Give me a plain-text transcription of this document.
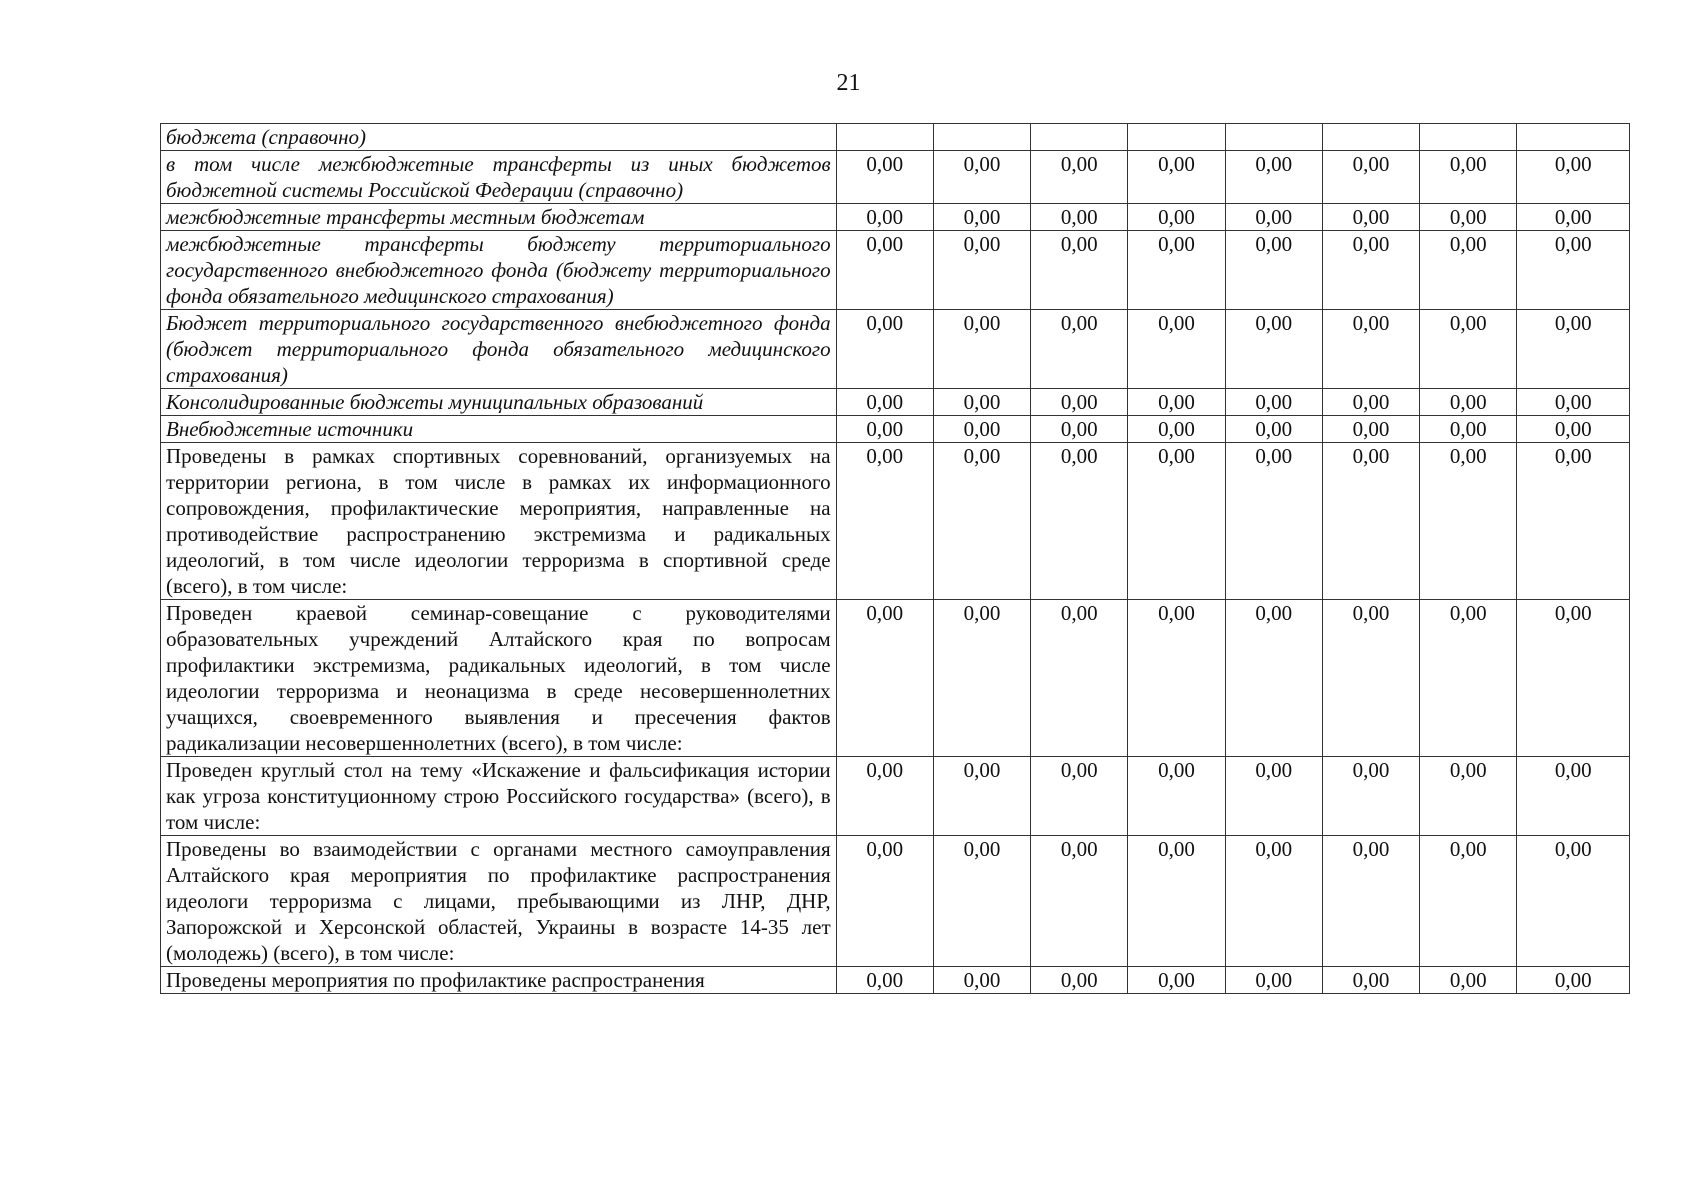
21
бюджета (справочно)								
в том числе межбюджетные трансферты из иных бюджетов бюджетной системы Российской Федерации (справочно)	0,00	0,00	0,00	0,00	0,00	0,00	0,00	0,00
межбюджетные трансферты местным бюджетам	0,00	0,00	0,00	0,00	0,00	0,00	0,00	0,00
межбюджетные трансферты бюджету территориального государственного внебюджетного фонда (бюджету территориального фонда обязательного медицинского страхования)	0,00	0,00	0,00	0,00	0,00	0,00	0,00	0,00
Бюджет территориального государственного внебюджетного фонда (бюджет территориального фонда обязательного медицинского страхования)	0,00	0,00	0,00	0,00	0,00	0,00	0,00	0,00
Консолидированные бюджеты муниципальных образований	0,00	0,00	0,00	0,00	0,00	0,00	0,00	0,00
Внебюджетные источники	0,00	0,00	0,00	0,00	0,00	0,00	0,00	0,00
Проведены в рамках спортивных соревнований, организуемых на территории региона, в том числе в рамках их информационного сопровождения, профилактические мероприятия, направленные на противодействие распространению экстремизма и радикальных идеологий, в том числе идеологии терроризма в спортивной среде (всего), в том числе:	0,00	0,00	0,00	0,00	0,00	0,00	0,00	0,00
Проведен краевой семинар-совещание с руководителями образовательных учреждений Алтайского края по вопросам профилактики экстремизма, радикальных идеологий, в том числе идеологии терроризма и неонацизма в среде несовершеннолетних учащихся, своевременного выявления и пресечения фактов радикализации несовершеннолетних (всего), в том числе:	0,00	0,00	0,00	0,00	0,00	0,00	0,00	0,00
Проведен круглый стол на тему «Искажение и фальсификация истории как угроза конституционному строю Российского государства» (всего), в том числе:	0,00	0,00	0,00	0,00	0,00	0,00	0,00	0,00
Проведены во взаимодействии с органами местного самоуправления Алтайского края мероприятия по профилактике распространения идеологи терроризма с лицами, пребывающими из ЛНР, ДНР, Запорожской и Херсонской областей, Украины в возрасте 14-35 лет (молодежь) (всего), в том числе:	0,00	0,00	0,00	0,00	0,00	0,00	0,00	0,00
Проведены мероприятия по профилактике распространения	0,00	0,00	0,00	0,00	0,00	0,00	0,00	0,00
